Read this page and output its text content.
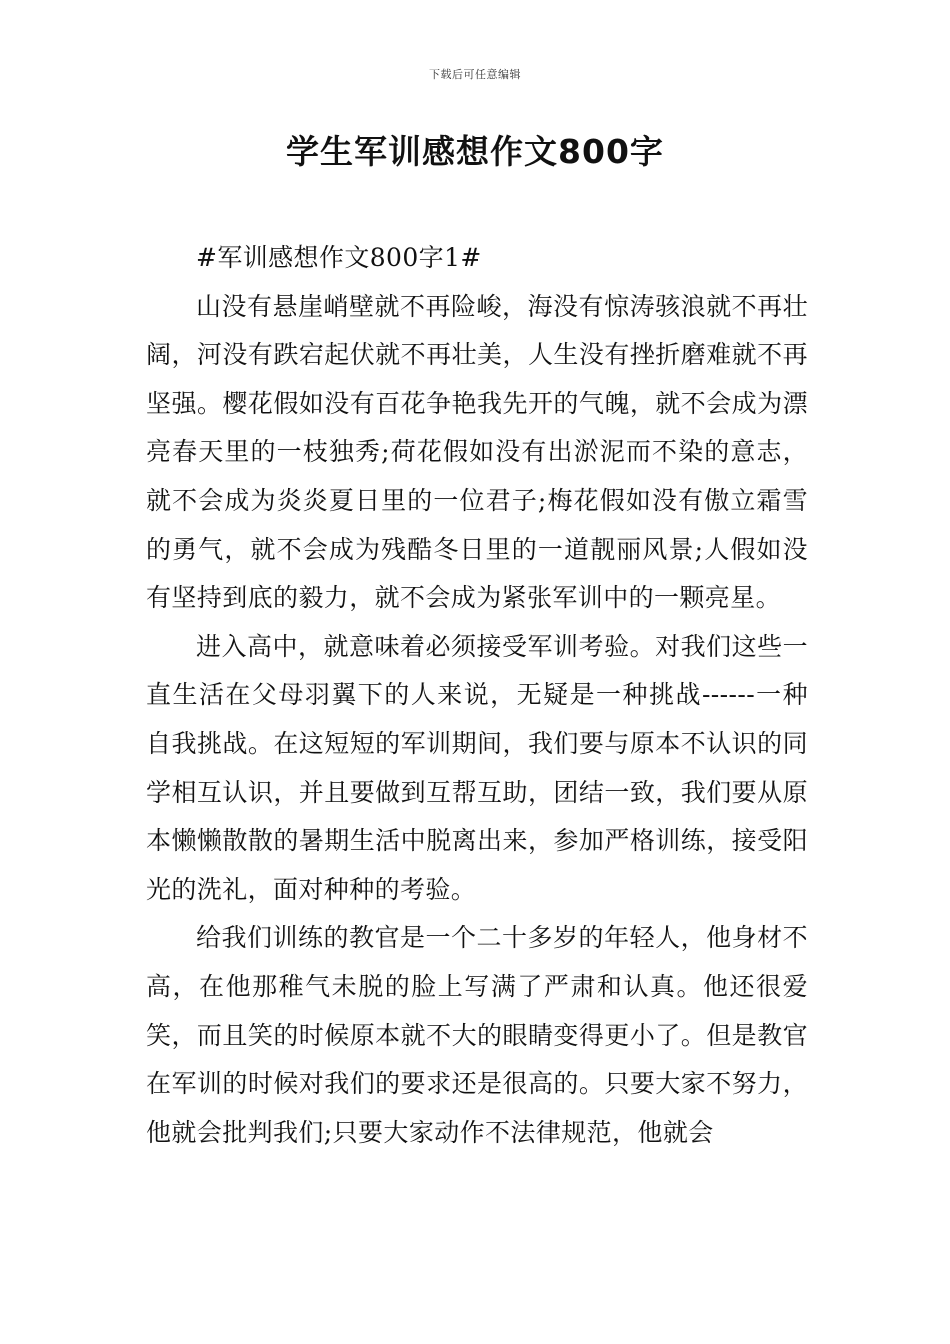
下载后可任意编辑
学生军训感想作文800字

#军训感想作文800字1#

山没有悬崖峭壁就不再险峻，海没有惊涛骇浪就不再壮阔，河没有跌宕起伏就不再壮美，人生没有挫折磨难就不再坚强。樱花假如没有百花争艳我先开的气魄，就不会成为漂亮春天里的一枝独秀;荷花假如没有出淤泥而不染的意志，就不会成为炎炎夏日里的一位君子;梅花假如没有傲立霜雪的勇气，就不会成为残酷冬日里的一道靓丽风景;人假如没有坚持到底的毅力，就不会成为紧张军训中的一颗亮星。

进入高中，就意味着必须接受军训考验。对我们这些一直生活在父母羽翼下的人来说，无疑是一种挑战------一种自我挑战。在这短短的军训期间，我们要与原本不认识的同学相互认识，并且要做到互帮互助，团结一致，我们要从原本懒懒散散的暑期生活中脱离出来，参加严格训练，接受阳光的洗礼，面对种种的考验。

给我们训练的教官是一个二十多岁的年轻人，他身材不高，在他那稚气未脱的脸上写满了严肃和认真。他还很爱笑，而且笑的时候原本就不大的眼睛变得更小了。但是教官在军训的时候对我们的要求还是很高的。只要大家不努力，他就会批判我们;只要大家动作不法律规范，他就会
